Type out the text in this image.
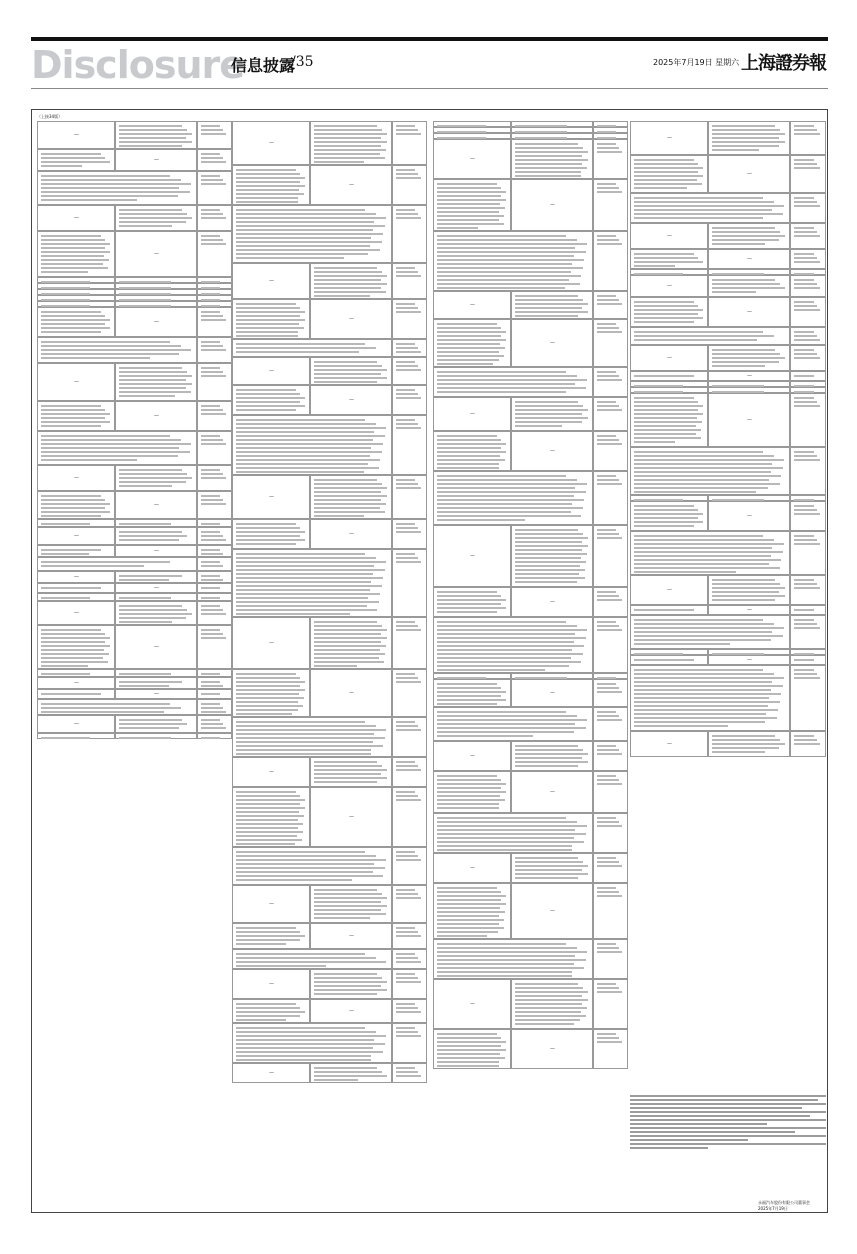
Disclosure
信息披露
/35	2025年7月19日 星期六 上海證券報
（上接34版）
—
—
—
—
—
—
—
—
—
—
—
—
—
—
—
—
—
—
—
—
—
—
—
—
—
—
—
—
—
—
—
—
—
—
—
—
—
—
—
—
—
—
—
—
—
—
—
—
—
—
—
—
—
—
—
—
—
—
—
—
—
—
—
—
永福汽车股份有限公司董事会
2025年7月19日
